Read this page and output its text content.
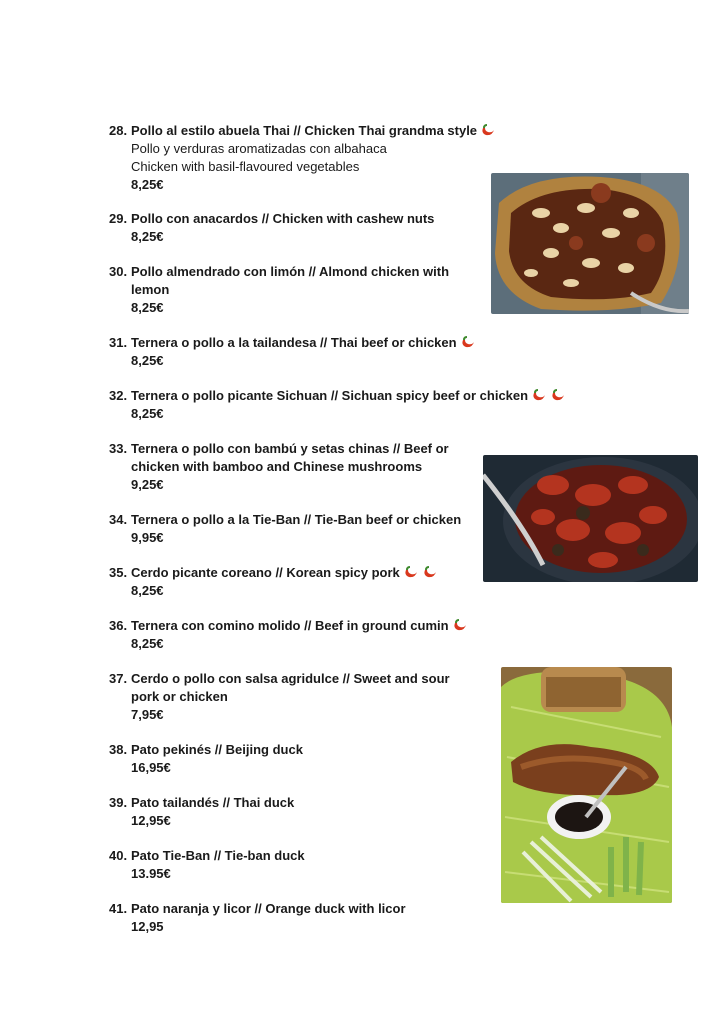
28. Pollo al estilo abuela Thai // Chicken Thai grandma style
Pollo y verduras aromatizadas con albahaca
Chicken with basil-flavoured vegetables
8,25€
29. Pollo con anacardos // Chicken with cashew nuts
8,25€
30. Pollo almendrado con limón // Almond chicken with lemon
8,25€
31. Ternera o pollo a la tailandesa // Thai beef or chicken
8,25€
32. Ternera o pollo picante Sichuan // Sichuan spicy beef or chicken
8,25€
33. Ternera o pollo con bambú y setas chinas // Beef or chicken with bamboo and Chinese mushrooms
9,25€
34. Ternera o pollo a la Tie-Ban // Tie-Ban beef or chicken
9,95€
35. Cerdo picante coreano // Korean spicy pork
8,25€
36. Ternera con comino molido // Beef in ground cumin
8,25€
37. Cerdo o pollo con salsa agridulce // Sweet and sour pork or chicken
7,95€
38. Pato pekinés // Beijing duck
16,95€
39. Pato tailandés // Thai duck
12,95€
40. Pato Tie-Ban // Tie-ban duck
13.95€
41. Pato naranja y licor // Orange duck with licor
12,95
